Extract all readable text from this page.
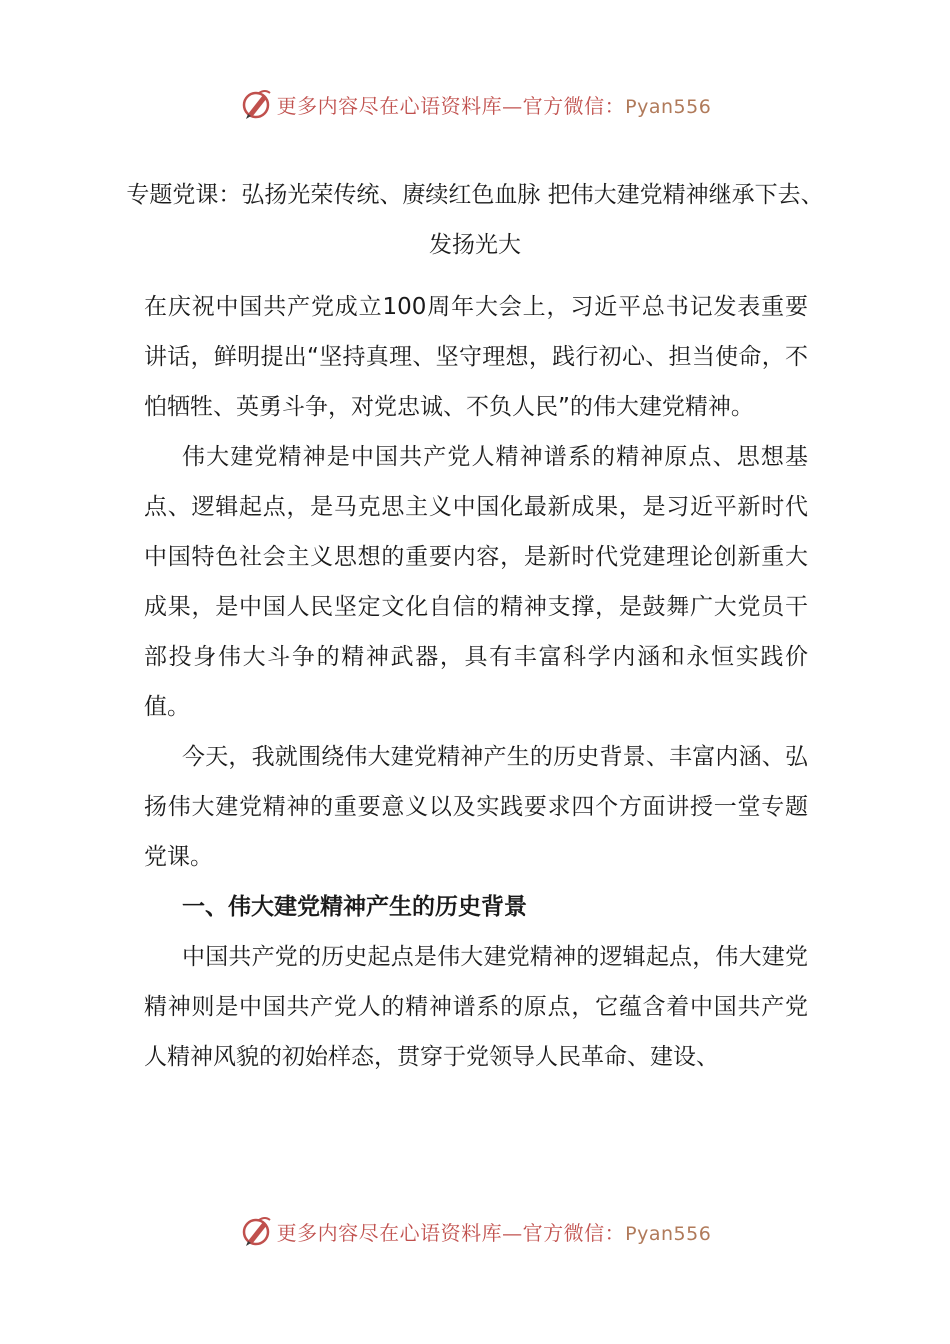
更多内容尽在心语资料库—官方微信：Pyan556
专题党课：弘扬光荣传统、赓续红色血脉 把伟大建党精神继承下去、发扬光大

在庆祝中国共产党成立100周年大会上，习近平总书记发表重要讲话，鲜明提出“坚持真理、坚守理想，践行初心、担当使命，不怕牺牲、英勇斗争，对党忠诚、不负人民”的伟大建党精神。

伟大建党精神是中国共产党人精神谱系的精神原点、思想基点、逻辑起点，是马克思主义中国化最新成果，是习近平新时代中国特色社会主义思想的重要内容，是新时代党建理论创新重大成果，是中国人民坚定文化自信的精神支撑，是鼓舞广大党员干部投身伟大斗争的精神武器，具有丰富科学内涵和永恒实践价值。

今天，我就围绕伟大建党精神产生的历史背景、丰富内涵、弘扬伟大建党精神的重要意义以及实践要求四个方面讲授一堂专题党课。

一、伟大建党精神产生的历史背景

中国共产党的历史起点是伟大建党精神的逻辑起点，伟大建党精神则是中国共产党人的精神谱系的原点，它蕴含着中国共产党人精神风貌的初始样态，贯穿于党领导人民革命、建设、

更多内容尽在心语资料库—官方微信：Pyan556
